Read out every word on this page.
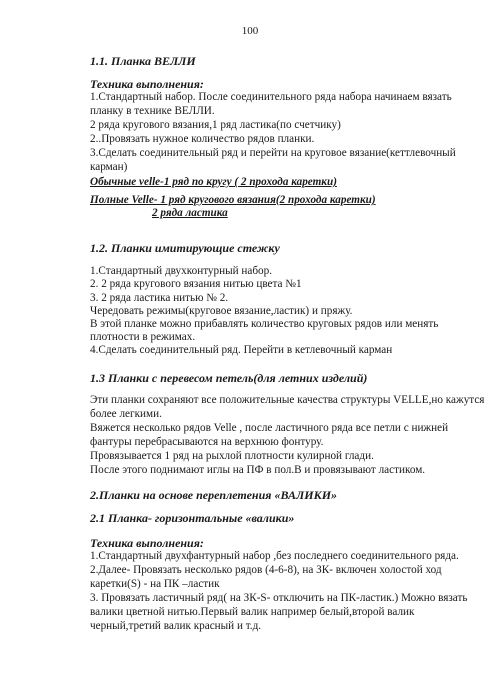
100
1.1. Планка ВЕЛЛИ
Техника выполнения:
1.Стандартный набор. После соединительного ряда набора начинаем вязать
планку в технике ВЕЛЛИ.
2 ряда кругового вязания,1 ряд ластика(по счетчику)
2..Провязать нужное количество рядов планки.
3.Сделать соединительный ряд и перейти на круговое вязание(кеттлевочный
карман)
Обычные velle-1 ряд по кругу ( 2 прохода каретки)
Полные Velle- 1 ряд кругового вязания(2 прохода каретки)
2 ряда ластика
1.2. Планки имитирующие стежку
1.Стандартный двухконтурный набор.
2. 2 ряда кругового вязания нитью цвета №1
3. 2 ряда ластика нитью № 2.
Чередовать режимы(круговое вязание,ластик) и пряжу.
В этой планке можно прибавлять количество круговых рядов или менять
плотности в режимах.
4.Сделать соединительный ряд. Перейти в кетлевочный карман
1.3 Планки с перевесом петель(для летних изделий)
Эти планки сохраняют все положительные качества структуры VELLE,но кажутся
более легкими.
Вяжется несколько рядов Velle , после ластичного ряда все петли с нижней
фантуры перебрасываются на верхнюю фонтуру.
Провязывается 1 ряд на рыхлой плотности кулирной глади.
После этого поднимают иглы на ПФ в пол.В и провязывают ластиком.
2.Планки на основе переплетения «ВАЛИКИ»
2.1 Планка- горизонтальные «валики»
Техника выполнения:
1.Стандартный двухфантурный набор ,без последнего соединительного ряда.
2.Далее- Провязать несколько рядов (4-6-8), на ЗК- включен холостой ход
каретки(S) - на ПК –ластик
3. Провязать ластичный ряд( на ЗК-S- отключить на ПК-ластик.) Можно вязать
валики цветной нитью.Первый валик например белый,второй валик
черный,третий валик красный и т.д.
